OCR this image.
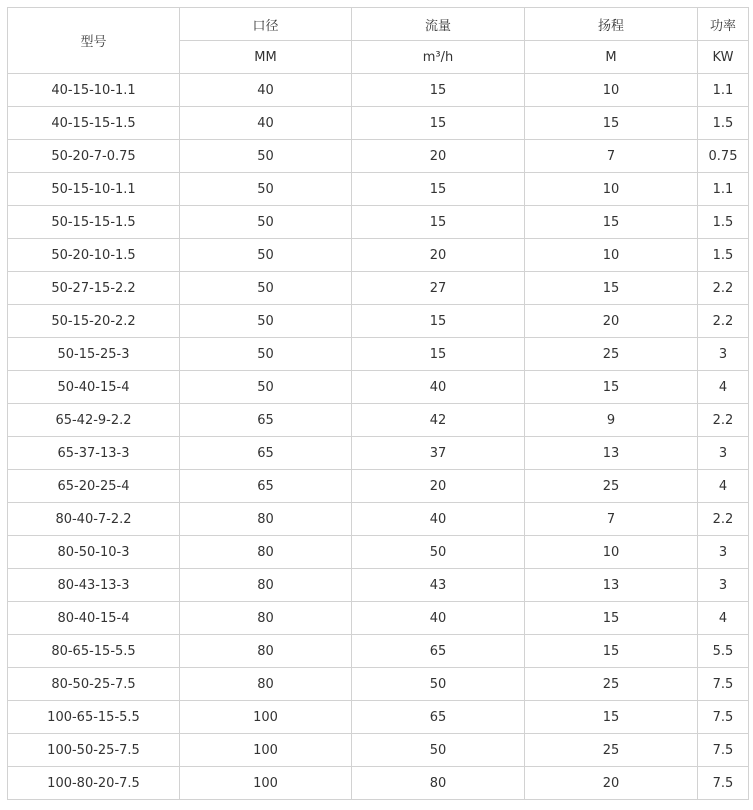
型号	口径	流量	扬程	功率
	MM	m³/h	M	KW
40-15-10-1.1	40	15	10	1.1
40-15-15-1.5	40	15	15	1.5
50-20-7-0.75	50	20	7	0.75
50-15-10-1.1	50	15	10	1.1
50-15-15-1.5	50	15	15	1.5
50-20-10-1.5	50	20	10	1.5
50-27-15-2.2	50	27	15	2.2
50-15-20-2.2	50	15	20	2.2
50-15-25-3	50	15	25	3
50-40-15-4	50	40	15	4
65-42-9-2.2	65	42	9	2.2
65-37-13-3	65	37	13	3
65-20-25-4	65	20	25	4
80-40-7-2.2	80	40	7	2.2
80-50-10-3	80	50	10	3
80-43-13-3	80	43	13	3
80-40-15-4	80	40	15	4
80-65-15-5.5	80	65	15	5.5
80-50-25-7.5	80	50	25	7.5
100-65-15-5.5	100	65	15	7.5
100-50-25-7.5	100	50	25	7.5
100-80-20-7.5	100	80	20	7.5
